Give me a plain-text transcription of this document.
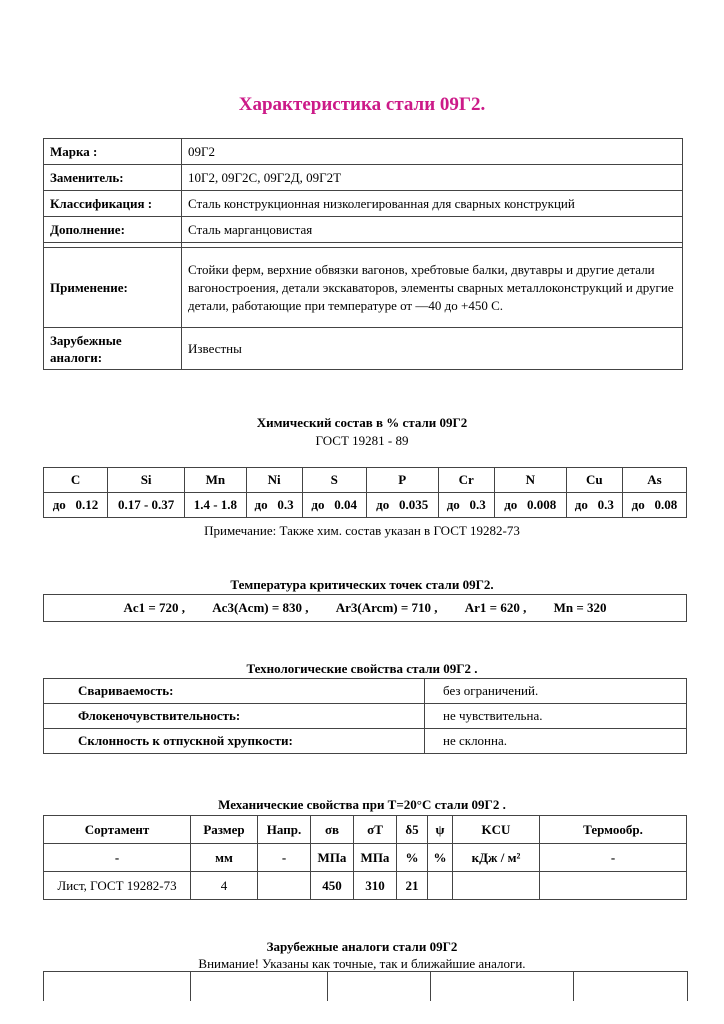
Характеристика стали 09Г2.
Марка :	09Г2
Заменитель:	10Г2, 09Г2С, 09Г2Д, 09Г2Т
Классификация :	Сталь конструкционная низколегированная для сварных конструкций
Дополнение:	Сталь марганцовистая

Применение:	Стойки ферм, верхние обвязки вагонов, хребтовые балки, двутавры и другие детали вагоностроения, детали экскаваторов, элементы сварных металлоконструкций и другие детали, работающие при температуре от —40 до +450 С.
Зарубежные аналоги:	Известны
Химический состав в % стали 09Г2
ГОСТ 19281 - 89
C	Si	Mn	Ni	S	P	Cr	N	Cu	As
до   0.12	0.17 - 0.37	1.4 - 1.8	до   0.3	до   0.04	до   0.035	до   0.3	до   0.008	до   0.3	до   0.08
Примечание: Также хим. состав указан в ГОСТ 19282-73
Температура критических точек стали 09Г2.
Ac1 = 720 , Ac3(Acm) = 830 , Ar3(Arcm) = 710 , Ar1 = 620 , Mn = 320
Технологические свойства стали 09Г2 .
Свариваемость:	без ограничений.
Флокеночувствительность:	не чувствительна.
Склонность к отпускной хрупкости:	не склонна.
Механические свойства при Т=20°С стали 09Г2 .
Сортамент	Размер	Напр.	σв	σT	δ5	ψ	KCU	Термообр.
-	мм	-	МПа	МПа	%	%	кДж / м²	-
Лист, ГОСТ 19282-73	4		450	310	21			
Зарубежные аналоги стали 09Г2
Внимание! Указаны как точные, так и ближайшие аналоги.
